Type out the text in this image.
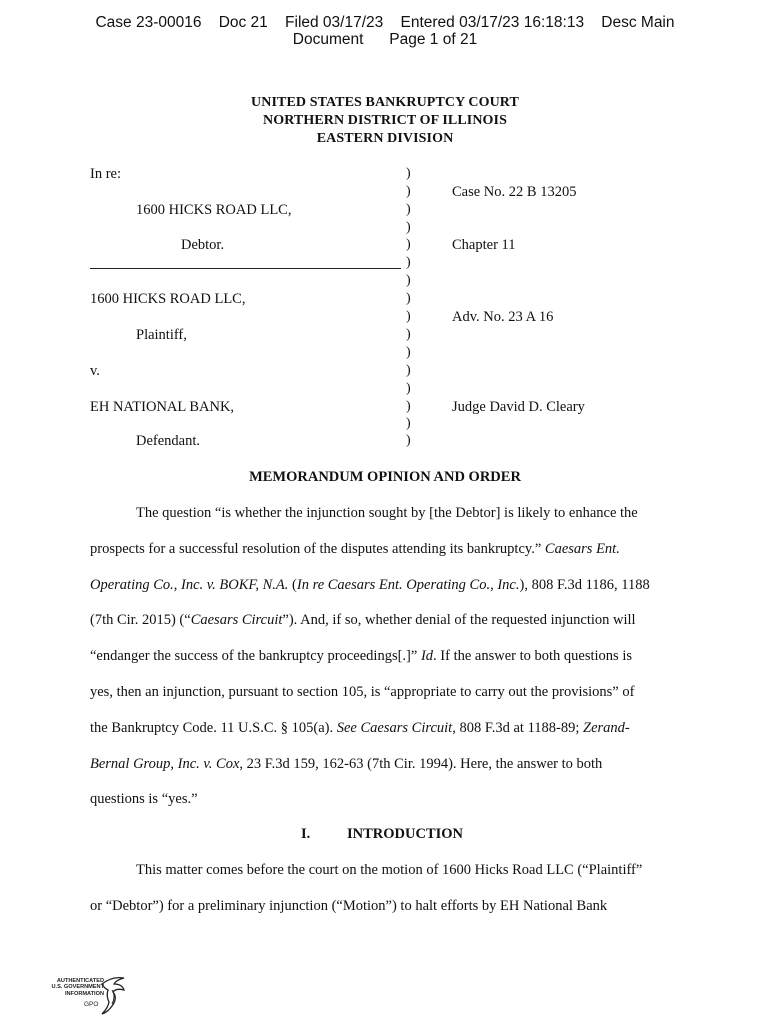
Case 23-00016    Doc 21    Filed 03/17/23    Entered 03/17/23 16:18:13    Desc Main
Document      Page 1 of 21
UNITED STATES BANKRUPTCY COURT
NORTHERN DISTRICT OF ILLINOIS
EASTERN DIVISION
In re:
1600 HICKS ROAD LLC,
Debtor.
1600 HICKS ROAD LLC,
Plaintiff,
v.
EH NATIONAL BANK,
Defendant.
)
)
)
)
)
)
)
)
)
)
)
)
)
)
)
)
Case No. 22 B 13205
Chapter 11
Adv. No. 23 A 16
Judge David D. Cleary
MEMORANDUM OPINION AND ORDER
The question “is whether the injunction sought by [the Debtor] is likely to enhance the
prospects for a successful resolution of the disputes attending its bankruptcy.” Caesars Ent.
Operating Co., Inc. v. BOKF, N.A. (In re Caesars Ent. Operating Co., Inc.), 808 F.3d 1186, 1188
(7th Cir. 2015) (“Caesars Circuit”). And, if so, whether denial of the requested injunction will
“endanger the success of the bankruptcy proceedings[.]” Id. If the answer to both questions is
yes, then an injunction, pursuant to section 105, is “appropriate to carry out the provisions” of
the Bankruptcy Code. 11 U.S.C. § 105(a). See Caesars Circuit, 808 F.3d at 1188-89; Zerand-
Bernal Group, Inc. v. Cox, 23 F.3d 159, 162-63 (7th Cir. 1994). Here, the answer to both
questions is “yes.”
I.	INTRODUCTION
This matter comes before the court on the motion of 1600 Hicks Road LLC (“Plaintiff”
or “Debtor”) for a preliminary injunction (“Motion”) to halt efforts by EH National Bank
AUTHENTICATED
U.S. GOVERNMENT
INFORMATION
GPO
